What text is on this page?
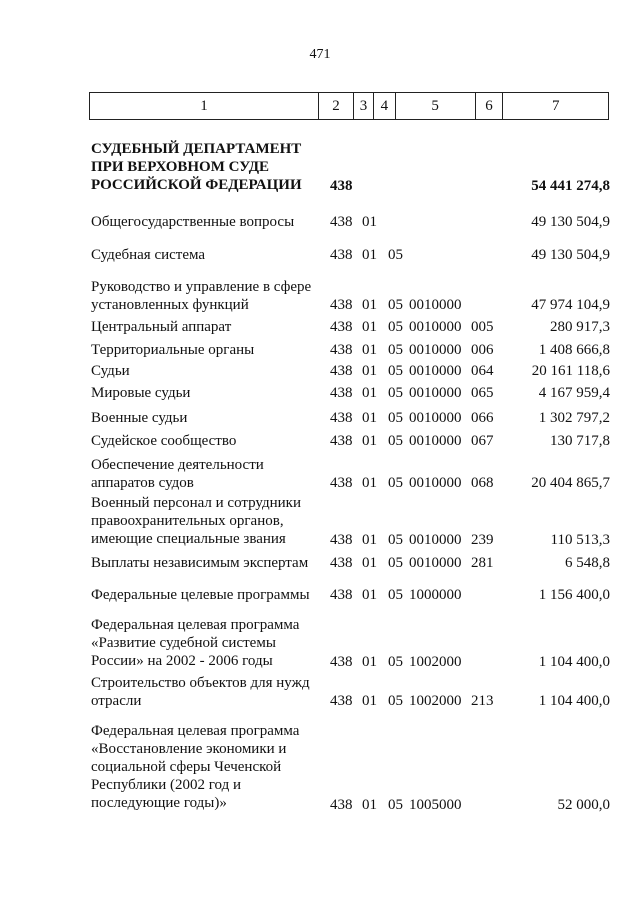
471
1	2	3 4	5	6	7
СУДЕБНЫЙ ДЕПАРТАМЕНТ
ПРИ ВЕРХОВНОМ СУДЕ
РОССИЙСКОЙ ФЕДЕРАЦИИ	438	54 441 274,8
Общегосударственные вопросы	438 01	49 130 504,9
Судебная система	438 01 05	49 130 504,9
Руководство и управление в сфере
установленных функций	438 01 05 0010000	47 974 104,9
Центральный аппарат	438 01 05 0010000 005	280 917,3
Территориальные органы	438 01 05 0010000 006	1 408 666,8
Судьи	438 01 05 0010000 064	20 161 118,6
Мировые судьи	438 01 05 0010000 065	4 167 959,4
Военные судьи	438 01 05 0010000 066	1 302 797,2
Судейское сообщество	438 01 05 0010000 067	130 717,8
Обеспечение деятельности
аппаратов судов	438 01 05 0010000 068	20 404 865,7
Военный персонал и сотрудники
правоохранительных органов,
имеющие специальные звания	438 01 05 0010000 239	110 513,3
Выплаты независимым экспертам	438 01 05 0010000 281	6 548,8
Федеральные целевые программы	438 01 05 1000000	1 156 400,0
Федеральная целевая программа
«Развитие судебной системы
России» на 2002 - 2006 годы	438 01 05 1002000	1 104 400,0
Строительство объектов для нужд
отрасли	438 01 05 1002000 213	1 104 400,0
Федеральная целевая программа
«Восстановление экономики и
социальной сферы Чеченской
Республики (2002 год и
последующие годы)»	438 01 05 1005000	52 000,0
